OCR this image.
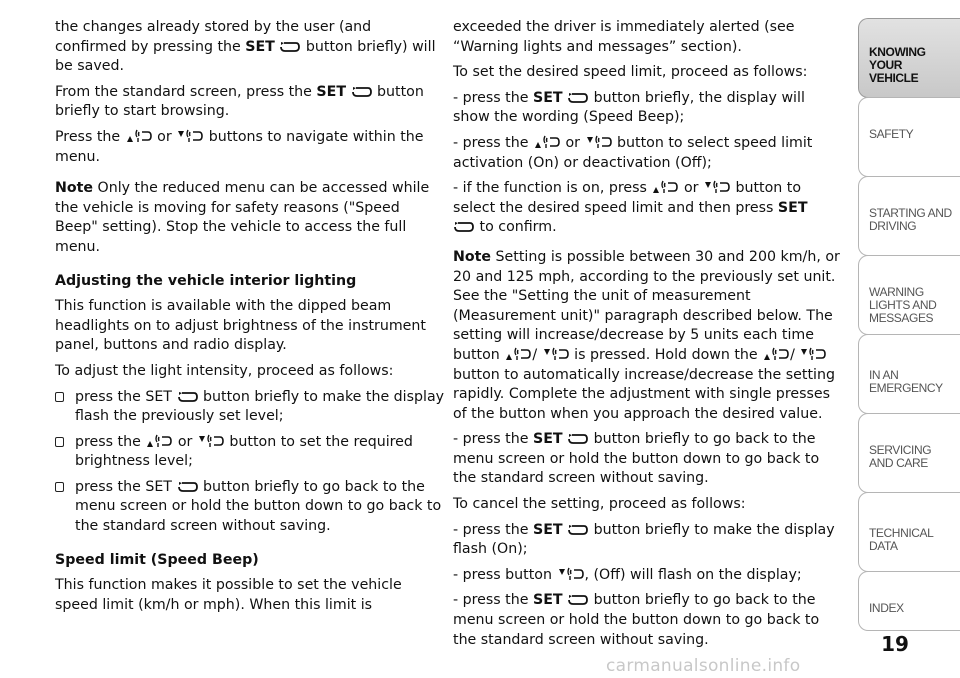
the changes already stored by the user (and confirmed by pressing the SET button briefly) will be saved.

From the standard screen, press the SET button briefly to start browsing.

Press the	or	buttons to navigate within the menu.

Note Only the reduced menu can be accessed while the vehicle is moving for safety reasons ("Speed Beep" setting). Stop the vehicle to access the full menu.

Adjusting the vehicle interior lighting

This function is available with the dipped beam headlights on to adjust brightness of the instrument panel, buttons and radio display.

To adjust the light intensity, proceed as follows:

press the SET button briefly to make the display flash the previously set level;

press the	or	button to set the required brightness level;

press the SET button briefly to go back to the menu screen or hold the button down to go back to the standard screen without saving.

Speed limit (Speed Beep)

This function makes it possible to set the vehicle speed limit (km/h or mph). When this limit is

exceeded the driver is immediately alerted (see “Warning lights and messages” section).

To set the desired speed limit, proceed as follows:

- press the SET button briefly, the display will show the wording (Speed Beep);

- press the	or	button to select speed limit activation (On) or deactivation (Off);

- if the function is on, press	or	button to select the desired speed limit and then press SET
to confirm.

Note Setting is possible between 30 and 200 km/h, or 20 and 125 mph, according to the previously set unit. See the "Setting the unit of measurement (Measurement unit)" paragraph described below. The setting will increase/decrease by 5 units each time button /	is pressed. Hold down the /  button to automatically increase/decrease the setting rapidly. Complete the adjustment with single presses of the button when you approach the desired value.

- press the SET button briefly to go back to the menu screen or hold the button down to go back to the standard screen without saving.

To cancel the setting, proceed as follows:

- press the SET button briefly to make the display flash (On);

- press button , (Off) will flash on the display;

- press the SET button briefly to go back to the menu screen or hold the button down to go back to the standard screen without saving.

KNOWING YOUR VEHICLE
SAFETY
STARTING AND DRIVING
WARNING LIGHTS AND MESSAGES
IN AN EMERGENCY
SERVICING AND CARE
TECHNICAL DATA
INDEX
19
carmanualsonline.info
